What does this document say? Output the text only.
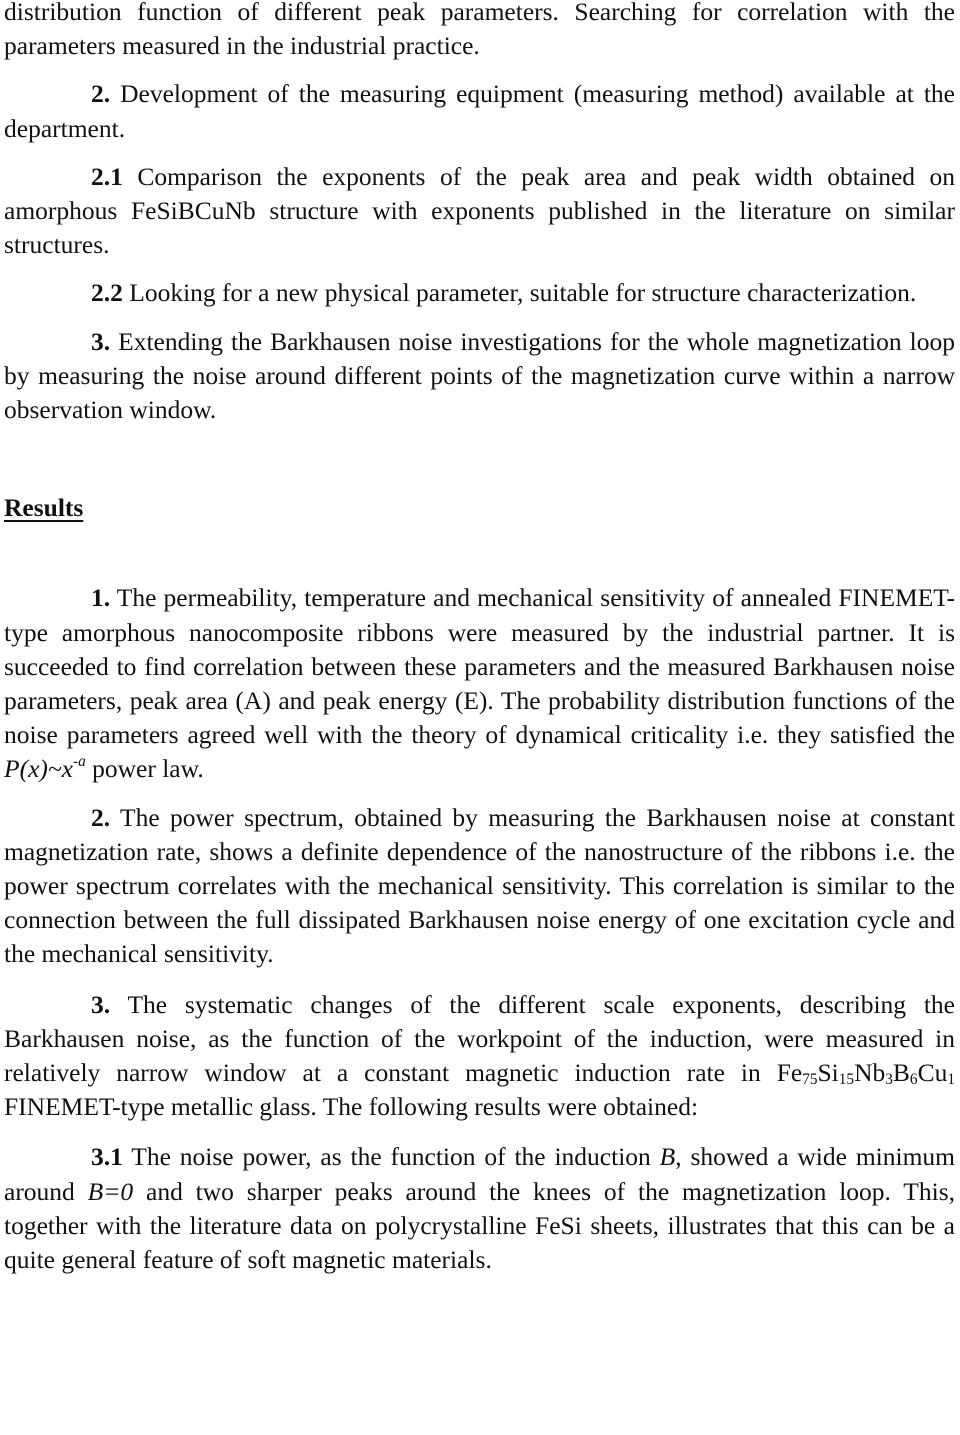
distribution function of different peak parameters. Searching for correlation with the parameters measured in the industrial practice.

2. Development of the measuring equipment (measuring method) available at the department.

2.1 Comparison the exponents of the peak area and peak width obtained on amorphous FeSiBCuNb structure with exponents published in the literature on similar structures.

2.2 Looking for a new physical parameter, suitable for structure characterization.

3. Extending the Barkhausen noise investigations for the whole magnetization loop by measuring the noise around different points of the magnetization curve within a narrow observation window.

Results

1. The permeability, temperature and mechanical sensitivity of annealed FINEMET-type amorphous nanocomposite ribbons were measured by the industrial partner. It is succeeded to find correlation between these parameters and the measured Barkhausen noise parameters, peak area (A) and peak energy (E). The probability distribution functions of the noise parameters agreed well with the theory of dynamical criticality i.e. they satisfied the $P(x)\sim x^{-a}$ power law.

2. The power spectrum, obtained by measuring the Barkhausen noise at constant magnetization rate, shows a definite dependence of the nanostructure of the ribbons i.e. the power spectrum correlates with the mechanical sensitivity. This correlation is similar to the connection between the full dissipated Barkhausen noise energy of one excitation cycle and the mechanical sensitivity.

3. The systematic changes of the different scale exponents, describing the Barkhausen noise, as the function of the workpoint of the induction, were measured in relatively narrow window at a constant magnetic induction rate in $Fe_{75}Si_{15}Nb_3B_6Cu_1$ FINEMET-type metallic glass. The following results were obtained:

3.1 The noise power, as the function of the induction B, showed a wide minimum around B=0 and two sharper peaks around the knees of the magnetization loop. This, together with the literature data on polycrystalline FeSi sheets, illustrates that this can be a quite general feature of soft magnetic materials.
